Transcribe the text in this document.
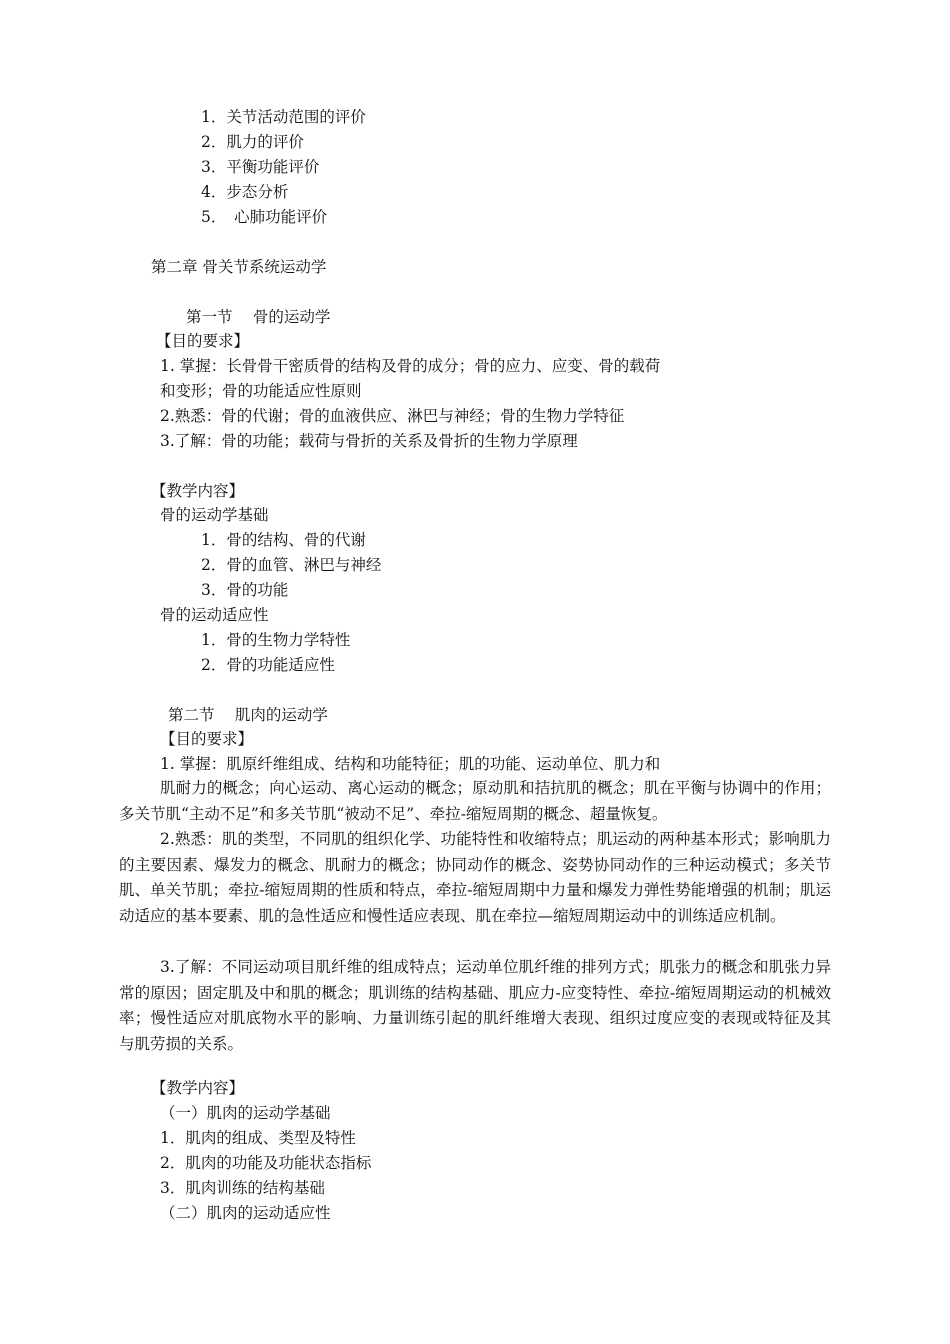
1．关节活动范围的评价
2．肌力的评价
3．平衡功能评价
4．步态分析
5．　心肺功能评价
第二章 骨关节系统运动学
第一节　 骨的运动学
【目的要求】
1. 掌握：长骨骨干密质骨的结构及骨的成分；骨的应力、应变、骨的载荷
和变形；骨的功能适应性原则
2.熟悉：骨的代谢；骨的血液供应、淋巴与神经；骨的生物力学特征
3.了解：骨的功能；载荷与骨折的关系及骨折的生物力学原理
【教学内容】
骨的运动学基础
1．骨的结构、骨的代谢
2．骨的血管、淋巴与神经
3．骨的功能
骨的运动适应性
1．骨的生物力学特性
2．骨的功能适应性
第二节　 肌肉的运动学
【目的要求】
1. 掌握：肌原纤维组成、结构和功能特征；肌的功能、运动单位、肌力和
肌耐力的概念；向心运动、离心运动的概念；原动肌和拮抗肌的概念；肌在平衡与协调中的作用；多关节肌“主动不足”和多关节肌“被动不足”、牵拉-缩短周期的概念、超量恢复。
2.熟悉：肌的类型，不同肌的组织化学、功能特性和收缩特点；肌运动的两种基本形式；影响肌力的主要因素、爆发力的概念、肌耐力的概念；协同动作的概念、姿势协同动作的三种运动模式；多关节肌、单关节肌；牵拉-缩短周期的性质和特点，牵拉-缩短周期中力量和爆发力弹性势能增强的机制；肌运动适应的基本要素、肌的急性适应和慢性适应表现、肌在牵拉—缩短周期运动中的训练适应机制。
3.了解：不同运动项目肌纤维的组成特点；运动单位肌纤维的排列方式；肌张力的概念和肌张力异常的原因；固定肌及中和肌的概念；肌训练的结构基础、肌应力-应变特性、牵拉-缩短周期运动的机械效率；慢性适应对肌底物水平的影响、力量训练引起的肌纤维增大表现、组织过度应变的表现或特征及其与肌劳损的关系。
【教学内容】
（一）肌肉的运动学基础
1．肌肉的组成、类型及特性
2．肌肉的功能及功能状态指标
3．肌肉训练的结构基础
（二）肌肉的运动适应性
